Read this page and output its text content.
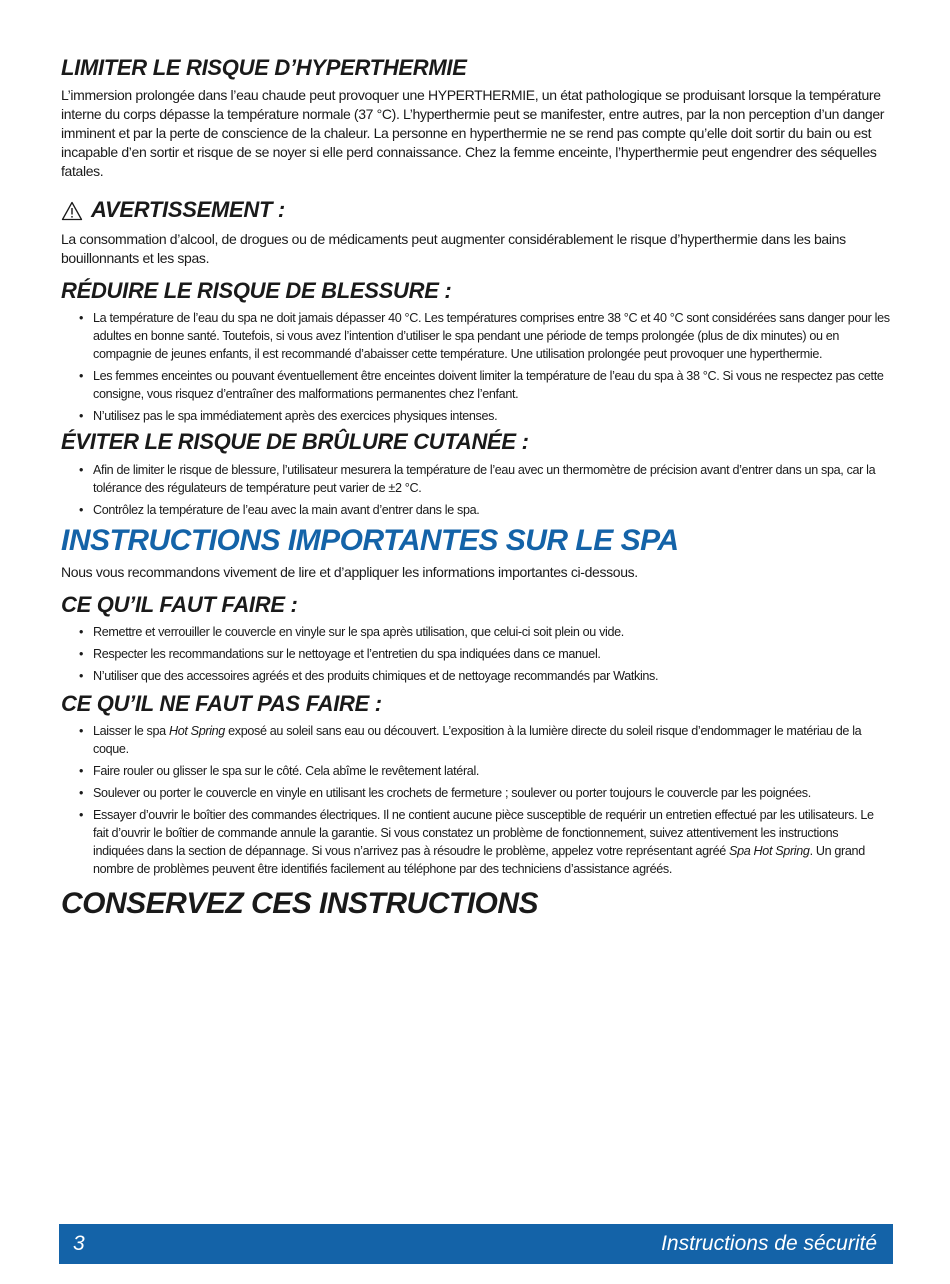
LIMITER LE RISQUE D’HYPERTHERMIE

L’immersion prolongée dans l’eau chaude peut provoquer une HYPERTHERMIE, un état pathologique se produisant lorsque la température interne du corps dépasse la température normale (37 °C). L’hyperthermie peut se manifester, entre autres, par la non perception d’un danger imminent et par la perte de conscience de la chaleur. La personne en hyperthermie ne se rend pas compte qu’elle doit sortir du bain ou est incapable d’en sortir et risque de se noyer si elle perd connaissance. Chez la femme enceinte, l’hyperthermie peut engendrer des séquelles fatales.

AVERTISSEMENT :

La consommation d’alcool, de drogues ou de médicaments peut augmenter considérablement le risque d’hyperthermie dans les bains bouillonnants et les spas.

RÉDUIRE LE RISQUE DE BLESSURE :
• La température de l’eau du spa ne doit jamais dépasser 40 °C. Les températures comprises entre 38 °C et 40 °C sont considérées sans danger pour les adultes en bonne santé. Toutefois, si vous avez l’intention d’utiliser le spa pendant une période de temps prolongée (plus de dix minutes) ou en compagnie de jeunes enfants, il est recommandé d’abaisser cette température. Une utilisation prolongée peut provoquer une hyperthermie.
• Les femmes enceintes ou pouvant éventuellement être enceintes doivent limiter la température de l’eau du spa à 38 °C. Si vous ne respectez pas cette consigne, vous risquez d’entraîner des malformations permanentes chez l’enfant.
• N’utilisez pas le spa immédiatement après des exercices physiques intenses.
ÉVITER LE RISQUE DE BRÛLURE CUTANÉE :
• Afin de limiter le risque de blessure, l’utilisateur mesurera la température de l’eau avec un thermomètre de précision avant d’entrer dans un spa, car la tolérance des régulateurs de température peut varier de ±2 °C.
• Contrôlez la température de l’eau avec la main avant d’entrer dans le spa.
INSTRUCTIONS IMPORTANTES SUR LE SPA

Nous vous recommandons vivement de lire et d’appliquer les informations importantes ci-dessous.

CE QU’IL FAUT FAIRE :
• Remettre et verrouiller le couvercle en vinyle sur le spa après utilisation, que celui-ci soit plein ou vide.
• Respecter les recommandations sur le nettoyage et l’entretien du spa indiquées dans ce manuel.
• N’utiliser que des accessoires agréés et des produits chimiques et de nettoyage recommandés par Watkins.
CE QU’IL NE FAUT PAS FAIRE :
• Laisser le spa Hot Spring exposé au soleil sans eau ou découvert. L’exposition à la lumière directe du soleil risque d’endommager le matériau de la coque.
• Faire rouler ou glisser le spa sur le côté. Cela abîme le revêtement latéral.
• Soulever ou porter le couvercle en vinyle en utilisant les crochets de fermeture ; soulever ou porter toujours le couvercle par les poignées.
• Essayer d’ouvrir le boîtier des commandes électriques. Il ne contient aucune pièce susceptible de requérir un entretien effectué par les utilisateurs. Le fait d’ouvrir le boîtier de commande annule la garantie. Si vous constatez un problème de fonctionnement, suivez attentivement les instructions indiquées dans la section de dépannage. Si vous n’arrivez pas à résoudre le problème, appelez votre représentant agréé Spa Hot Spring. Un grand nombre de problèmes peuvent être identifiés facilement au téléphone par des techniciens d’assistance agréés.
CONSERVEZ CES INSTRUCTIONS
3	Instructions de sécurité
